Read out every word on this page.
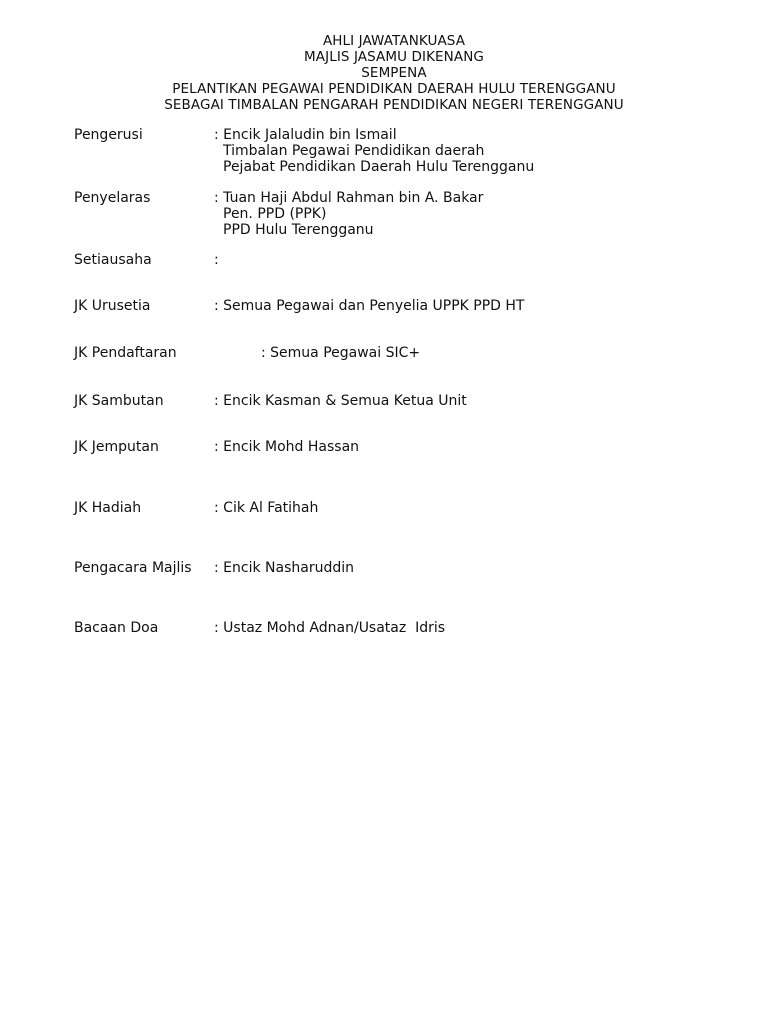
AHLI JAWATANKUASA
MAJLIS JASAMU DIKENANG
SEMPENA
PELANTIKAN PEGAWAI PENDIDIKAN DAERAH HULU TERENGGANU
SEBAGAI TIMBALAN PENGARAH PENDIDIKAN NEGERI TERENGGANU
Pengerusi	: Encik Jalaludin bin Ismail
Timbalan Pegawai Pendidikan daerah
Pejabat Pendidikan Daerah Hulu Terengganu
Penyelaras	: Tuan Haji Abdul Rahman bin A. Bakar
Pen. PPD (PPK)
PPD Hulu Terengganu
Setiausaha	:
JK Urusetia	: Semua Pegawai dan Penyelia UPPK PPD HT
JK Pendaftaran	: Semua Pegawai SIC+
JK Sambutan	: Encik Kasman & Semua Ketua Unit
JK Jemputan	: Encik Mohd Hassan
JK Hadiah	: Cik Al Fatihah
Pengacara Majlis : Encik Nasharuddin
Bacaan Doa	: Ustaz Mohd Adnan/Usataz  Idris
